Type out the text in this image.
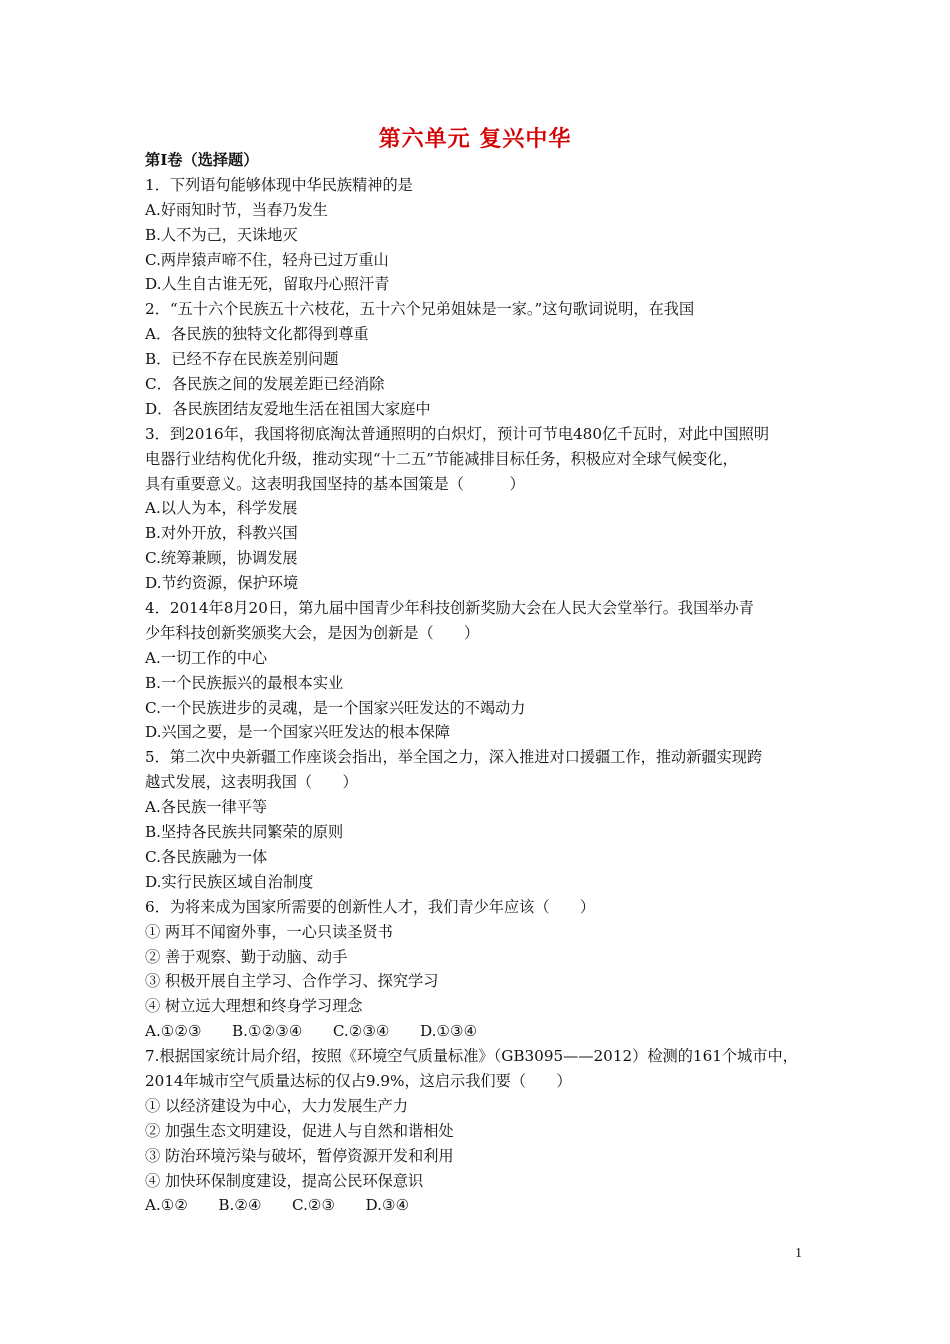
第六单元 复兴中华
第Ⅰ卷（选择题）
1．下列语句能够体现中华民族精神的是
A.好雨知时节，当春乃发生
B.人不为己，天诛地灭
C.两岸猿声啼不住，轻舟已过万重山
D.人生自古谁无死，留取丹心照汗青
2．“五十六个民族五十六枝花，五十六个兄弟姐妹是一家。”这句歌词说明，在我国
A．各民族的独特文化都得到尊重
B．已经不存在民族差别问题
C．各民族之间的发展差距已经消除
D．各民族团结友爱地生活在祖国大家庭中
3．到2016年，我国将彻底淘汰普通照明的白炽灯，预计可节电480亿千瓦时，对此中国照明
电器行业结构优化升级，推动实现“十二五”节能减排目标任务，积极应对全球气候变化，
具有重要意义。这表明我国坚持的基本国策是（　　　）
A.以人为本，科学发展
B.对外开放，科教兴国
C.统筹兼顾，协调发展
D.节约资源，保护环境
4．2014年8月20日，第九届中国青少年科技创新奖励大会在人民大会堂举行。我国举办青
少年科技创新奖颁奖大会，是因为创新是（　　）
A.一切工作的中心
B.一个民族振兴的最根本实业
C.一个民族进步的灵魂，是一个国家兴旺发达的不竭动力
D.兴国之要，是一个国家兴旺发达的根本保障
5．第二次中央新疆工作座谈会指出，举全国之力，深入推进对口援疆工作，推动新疆实现跨
越式发展，这表明我国（　　）
A.各民族一律平等
B.坚持各民族共同繁荣的原则
C.各民族融为一体
D.实行民族区域自治制度
6．为将来成为国家所需要的创新性人才，我们青少年应该（　　）
① 两耳不闻窗外事，一心只读圣贤书
② 善于观察、勤于动脑、动手
③ 积极开展自主学习、合作学习、探究学习
④ 树立远大理想和终身学习理念
A.①②③　　B.①②③④　　C.②③④　　D.①③④
7.根据国家统计局介绍，按照《环境空气质量标准》（GB3095——2012）检测的161个城市中，
2014年城市空气质量达标的仅占9.9%，这启示我们要（　　）
① 以经济建设为中心，大力发展生产力
② 加强生态文明建设，促进人与自然和谐相处
③ 防治环境污染与破坏，暂停资源开发和利用
④ 加快环保制度建设，提高公民环保意识
A.①②　　B.②④　　C.②③　　D.③④
1
